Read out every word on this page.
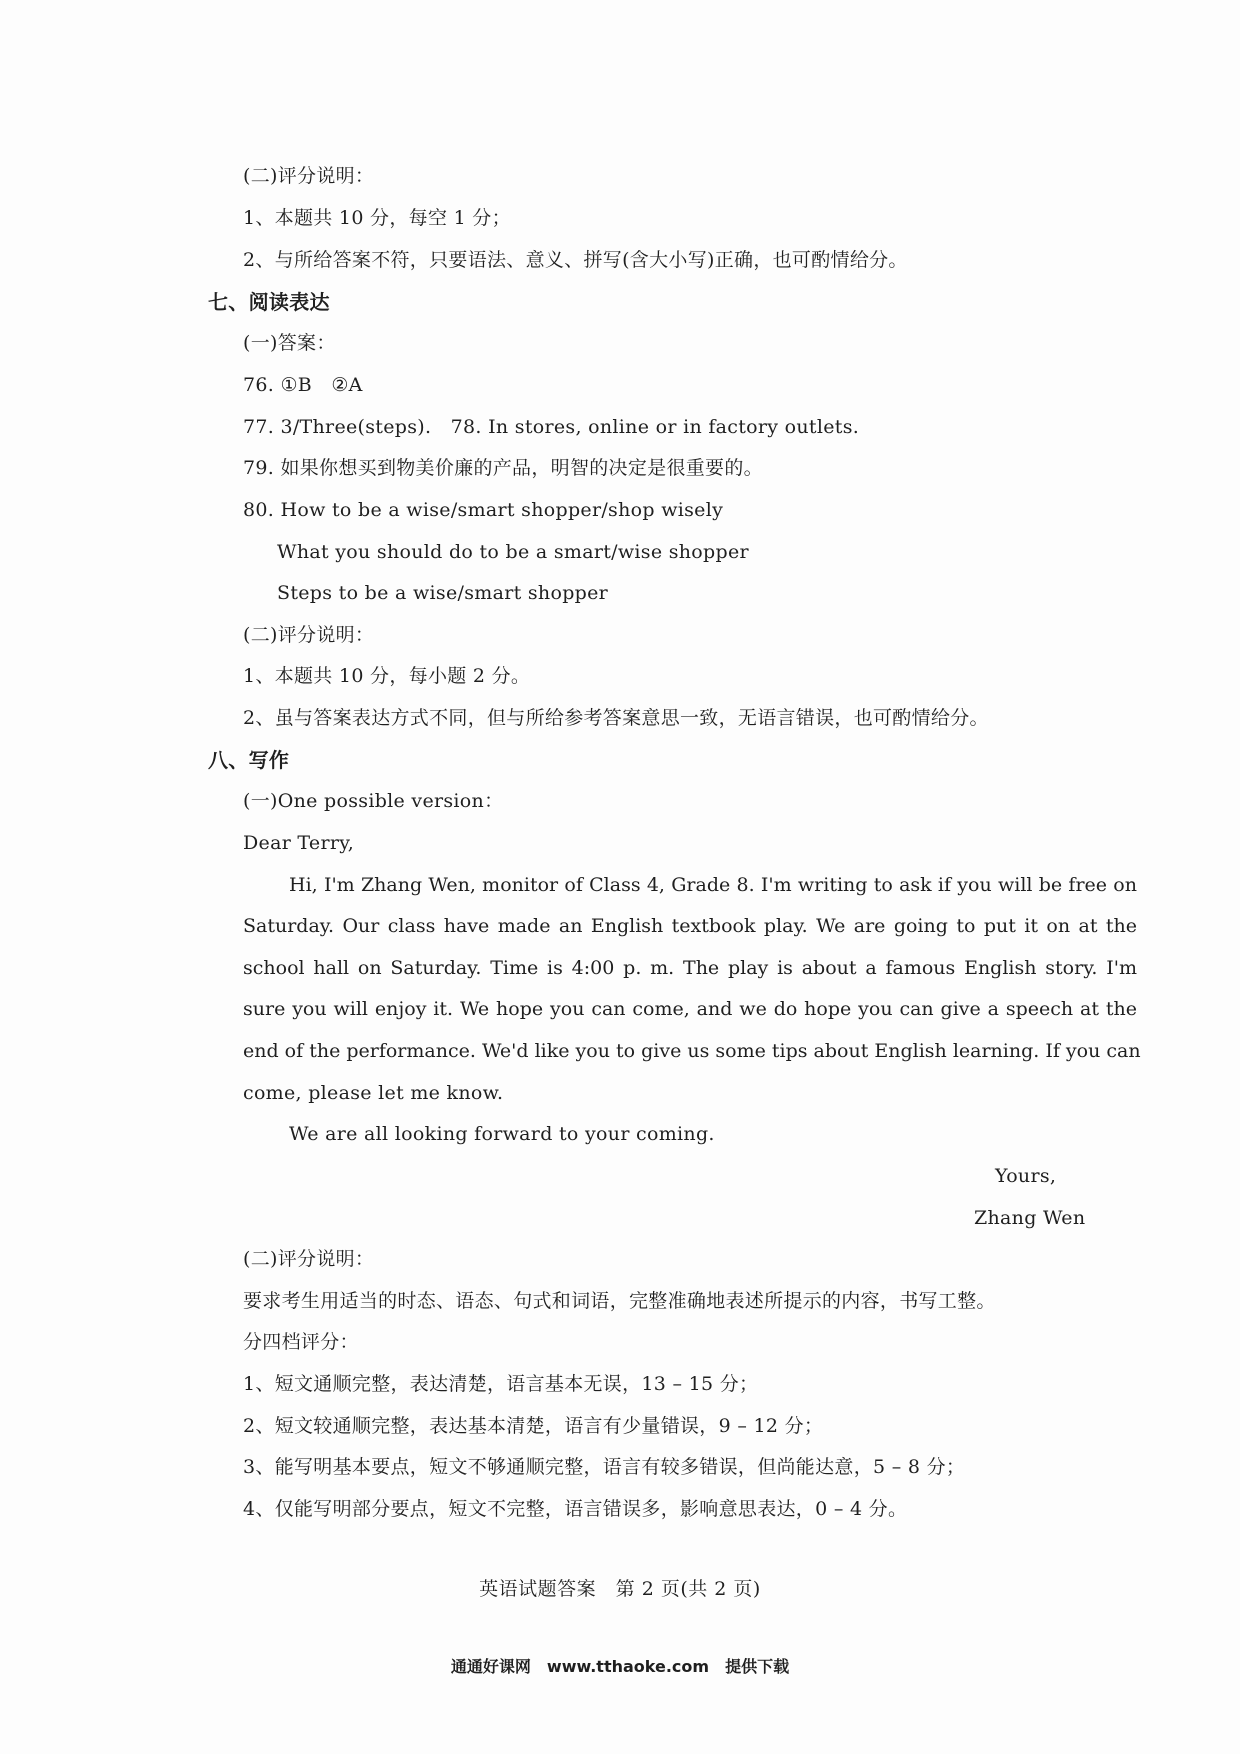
(二)评分说明：
1、本题共 10 分，每空 1 分；
2、与所给答案不符，只要语法、意义、拼写(含大小写)正确，也可酌情给分。
七、阅读表达
(一)答案：
76. ①B　②A
77. 3/Three(steps).　78. In stores, online or in factory outlets.
79. 如果你想买到物美价廉的产品，明智的决定是很重要的。
80. How to be a wise/smart shopper/shop wisely
What you should do to be a smart/wise shopper
Steps to be a wise/smart shopper
(二)评分说明：
1、本题共 10 分，每小题 2 分。
2、虽与答案表达方式不同，但与所给参考答案意思一致，无语言错误，也可酌情给分。
八、写作
(一)One possible version：
Dear Terry,
Hi, I'm Zhang Wen, monitor of Class 4, Grade 8. I'm writing to ask if you will be free on
Saturday. Our class have made an English textbook play. We are going to put it on at the
school hall on Saturday. Time is 4:00 p. m. The play is about a famous English story. I'm
sure you will enjoy it. We hope you can come, and we do hope you can give a speech at the
end of the performance. We'd like you to give us some tips about English learning. If you can
come, please let me know.
We are all looking forward to your coming.
Yours,
Zhang Wen
(二)评分说明：
要求考生用适当的时态、语态、句式和词语，完整准确地表述所提示的内容，书写工整。
分四档评分：
1、短文通顺完整，表达清楚，语言基本无误，13 – 15 分；
2、短文较通顺完整，表达基本清楚，语言有少量错误，9 – 12 分；
3、能写明基本要点，短文不够通顺完整，语言有较多错误，但尚能达意，5 – 8 分；
4、仅能写明部分要点，短文不完整，语言错误多，影响意思表达，0 – 4 分。
英语试题答案　第 2 页(共 2 页)
通通好课网　www.tthaoke.com　提供下载
